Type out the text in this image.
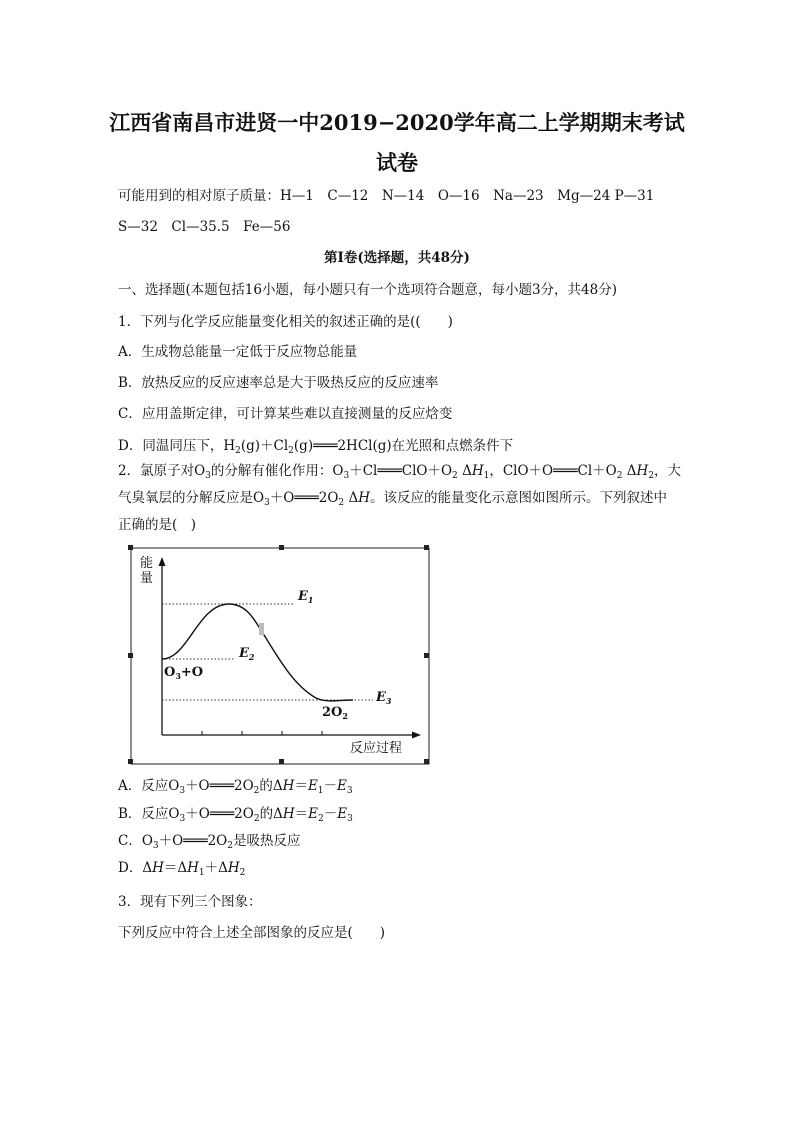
江西省南昌市进贤一中2019−2020学年高二上学期期末考试
试卷
可能用到的相对原子质量：H—1　C—12　N—14　O—16　Na—23　Mg—24 P—31
S—32　Cl—35.5　Fe—56
第Ⅰ卷(选择题，共48分)
一、选择题(本题包括16小题，每小题只有一个选项符合题意，每小题3分，共48分)
1．下列与化学反应能量变化相关的叙述正确的是((　　)
A．生成物总能量一定低于反应物总能量
B．放热反应的反应速率总是大于吸热反应的反应速率
C．应用盖斯定律，可计算某些难以直接测量的反应焓变
D．同温同压下，$H_2(g)+Cl_2(g)═══2HCl(g)$在光照和点燃条件下
2．氯原子对$O_3$的分解有催化作用：$O_3+Cl═══ClO+O_2$ $\Delta H_1$，$ClO+O═══Cl+O_2$ $\Delta H_2$，大
气臭氧层的分解反应是$O_3+O═══2O_2$ ΔH。该反应的能量变化示意图如图所示。下列叙述中
正确的是(　)
能
量
$E_1$
$E_2$
$E_3$
$O_3+O$
$2O_2$
反应过程
A．反应$O_3+O═══2O_2$的$\Delta H=E_1-E_3$
B．反应$O_3+O═══2O_2$的$\Delta H=E_2-E_3$
C．$O_3+O═══2O_2$是吸热反应
D．$\Delta H=\Delta H_1+\Delta H_2$
3．现有下列三个图象：
下列反应中符合上述全部图象的反应是(　　)
